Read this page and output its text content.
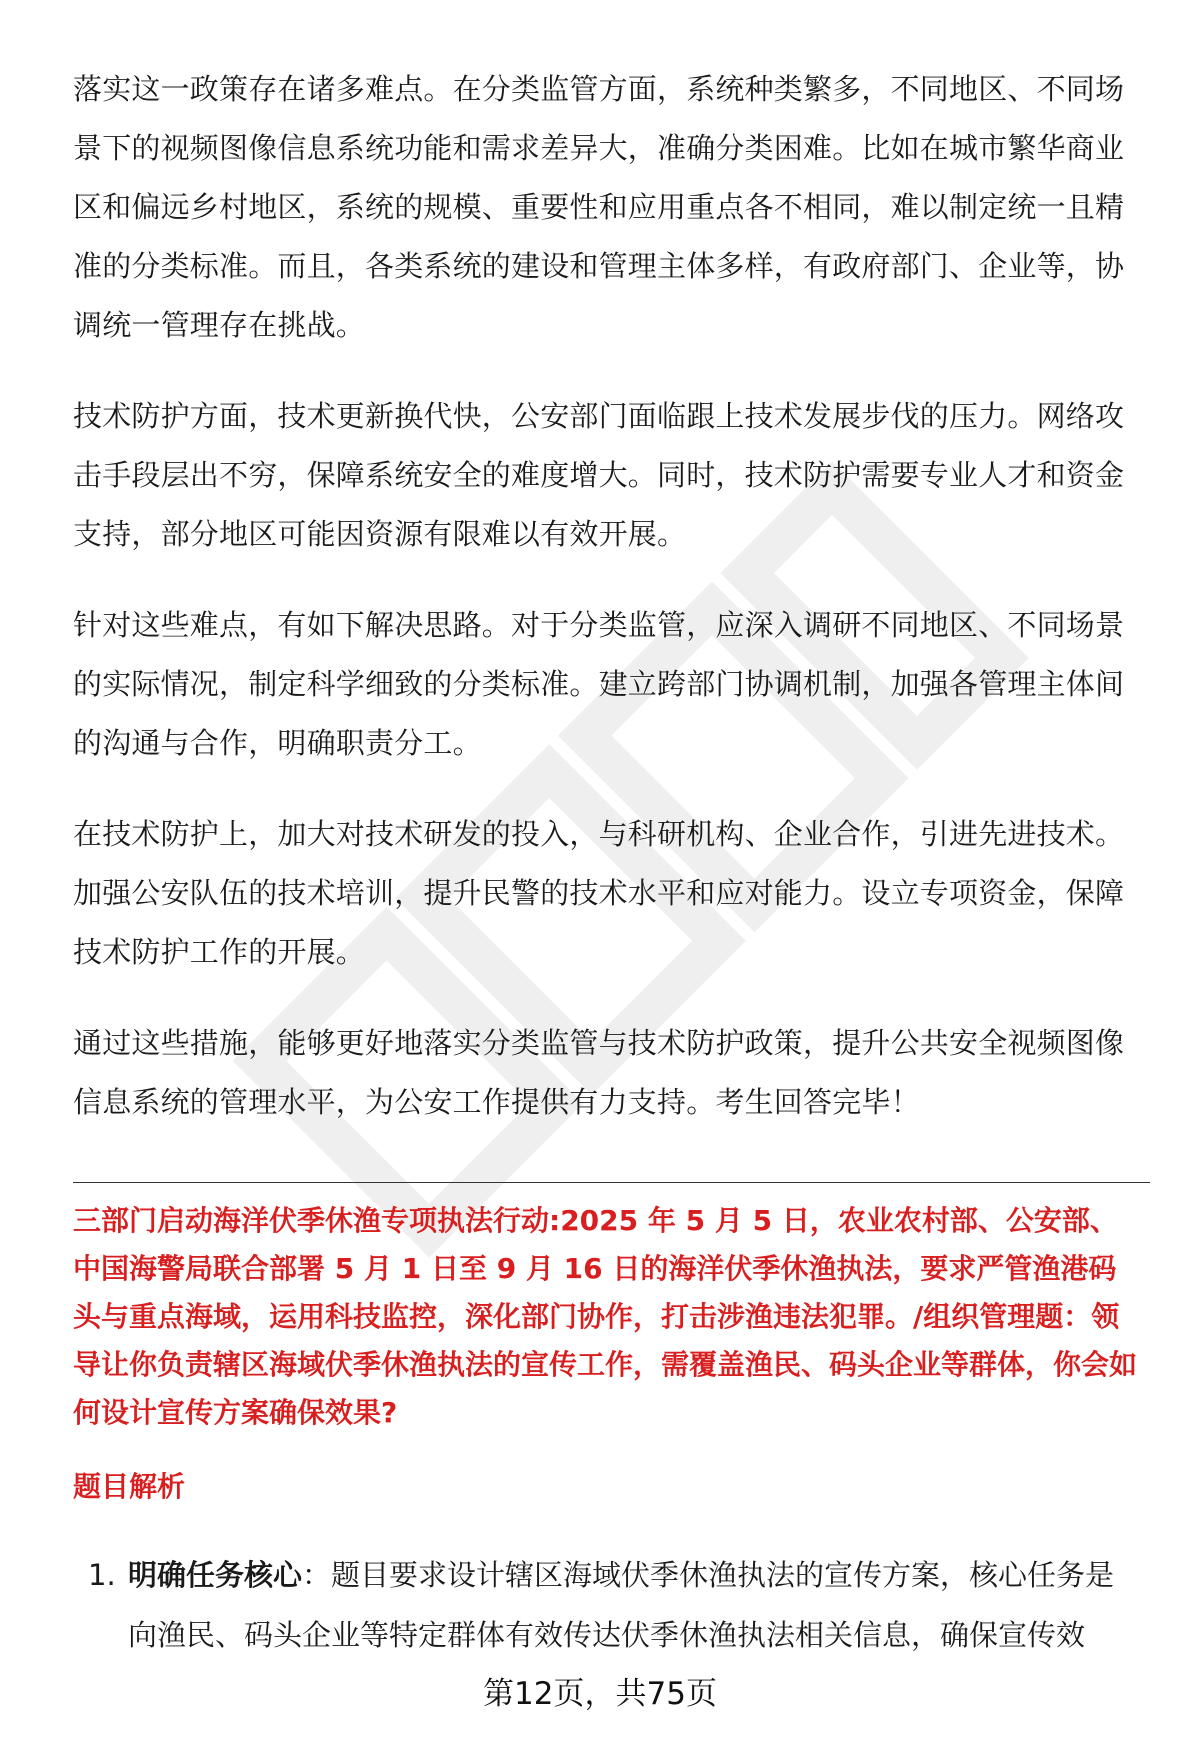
落实这一政策存在诸多难点。在分类监管方面，系统种类繁多，不同地区、不同场景下的视频图像信息系统功能和需求差异大，准确分类困难。比如在城市繁华商业区和偏远乡村地区，系统的规模、重要性和应用重点各不相同，难以制定统一且精准的分类标准。而且，各类系统的建设和管理主体多样，有政府部门、企业等，协调统一管理存在挑战。

技术防护方面，技术更新换代快，公安部门面临跟上技术发展步伐的压力。网络攻击手段层出不穷，保障系统安全的难度增大。同时，技术防护需要专业人才和资金支持，部分地区可能因资源有限难以有效开展。

针对这些难点，有如下解决思路。对于分类监管，应深入调研不同地区、不同场景的实际情况，制定科学细致的分类标准。建立跨部门协调机制，加强各管理主体间的沟通与合作，明确职责分工。

在技术防护上，加大对技术研发的投入，与科研机构、企业合作，引进先进技术。加强公安队伍的技术培训，提升民警的技术水平和应对能力。设立专项资金，保障技术防护工作的开展。

通过这些措施，能够更好地落实分类监管与技术防护政策，提升公共安全视频图像信息系统的管理水平，为公安工作提供有力支持。考生回答完毕！

三部门启动海洋伏季休渔专项执法行动:2025 年 5 月 5 日，农业农村部、公安部、中国海警局联合部署 5 月 1 日至 9 月 16 日的海洋伏季休渔执法，要求严管渔港码头与重点海域，运用科技监控，深化部门协作，打击涉渔违法犯罪。/组织管理题：领导让你负责辖区海域伏季休渔执法的宣传工作，需覆盖渔民、码头企业等群体，你会如何设计宣传方案确保效果?

题目解析

1. 明确任务核心：题目要求设计辖区海域伏季休渔执法的宣传方案，核心任务是向渔民、码头企业等特定群体有效传达伏季休渔执法相关信息，确保宣传效
第12页，共75页
